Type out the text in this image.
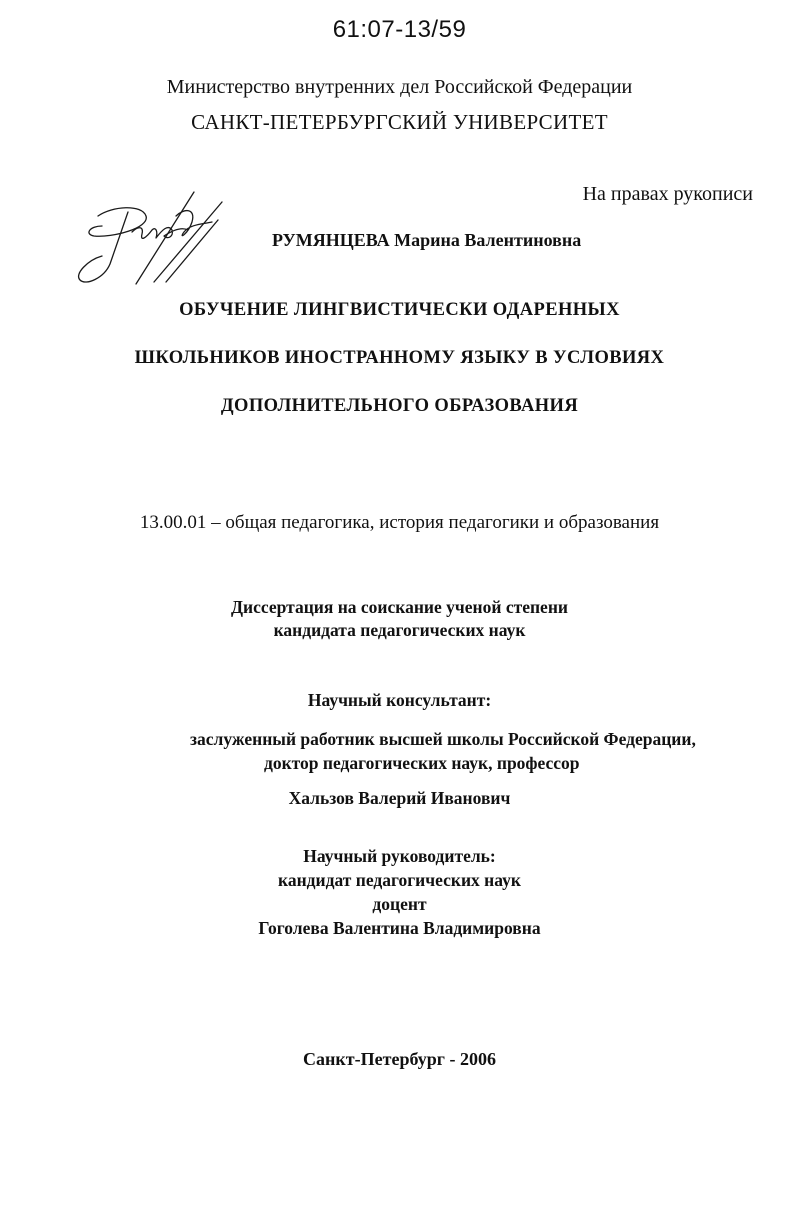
61:07-13/59
Министерство внутренних дел Российской Федерации
САНКТ-ПЕТЕРБУРГСКИЙ УНИВЕРСИТЕТ
На правах рукописи
РУМЯНЦЕВА Марина Валентиновна
ОБУЧЕНИЕ ЛИНГВИСТИЧЕСКИ ОДАРЕННЫХ
ШКОЛЬНИКОВ ИНОСТРАННОМУ ЯЗЫКУ В УСЛОВИЯХ
ДОПОЛНИТЕЛЬНОГО ОБРАЗОВАНИЯ
13.00.01 – общая педагогика, история педагогики и образования
Диссертация на соискание ученой степени
кандидата педагогических наук
Научный консультант:
заслуженный работник высшей школы Российской Федерации,
доктор педагогических наук, профессор
Хальзов Валерий Иванович
Научный руководитель:
кандидат педагогических наук
доцент
Гоголева Валентина Владимировна
Санкт-Петербург - 2006
